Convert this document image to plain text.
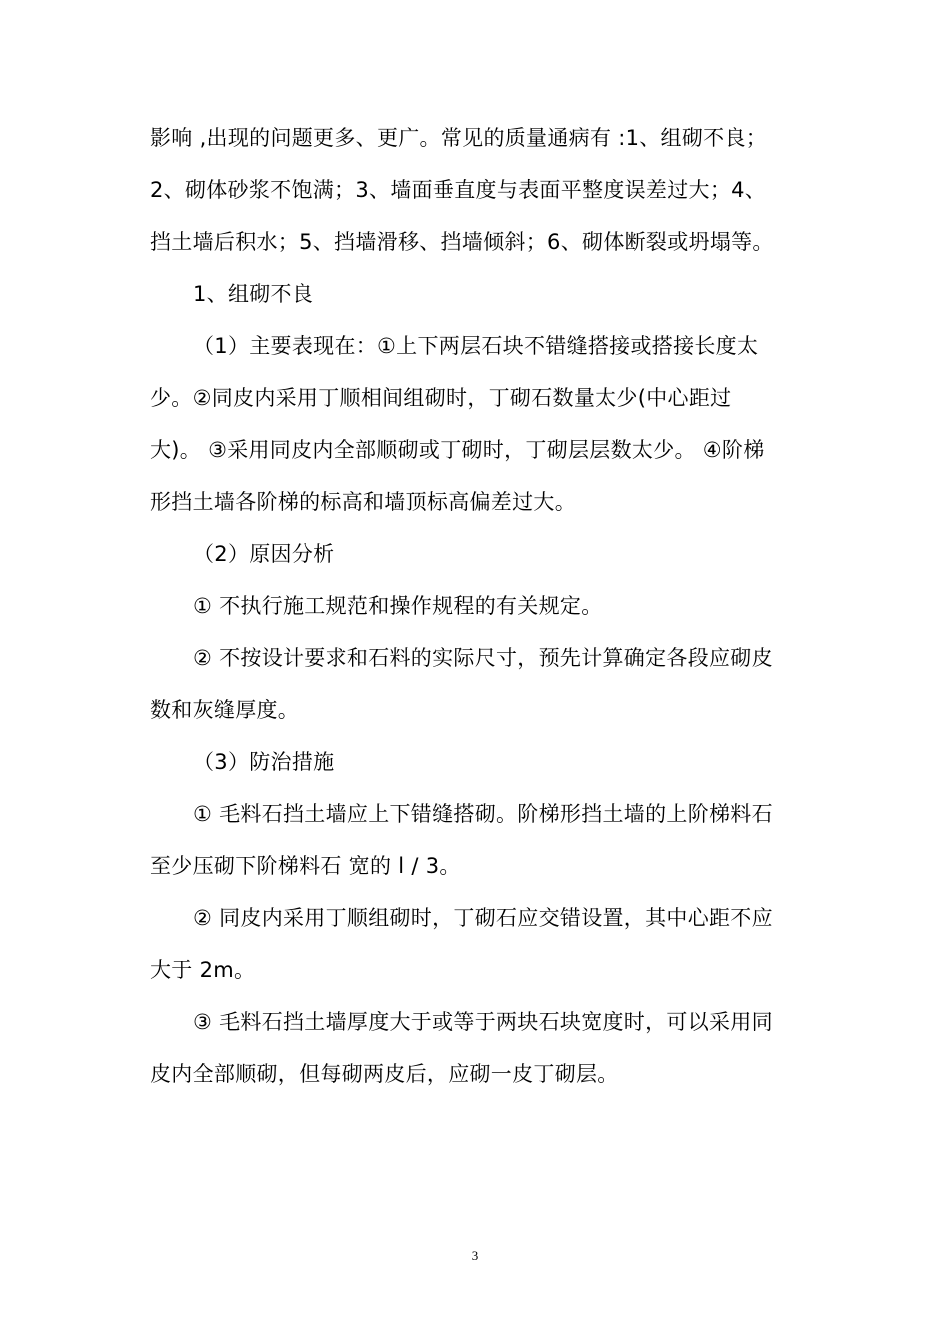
影响 ,出现的问题更多、更广。常见的质量通病有 :1、组砌不良；
2、砌体砂浆不饱满；3、墙面垂直度与表面平整度误差过大；4、
挡土墙后积水；5、挡墙滑移、挡墙倾斜；6、砌体断裂或坍塌等。
1、组砌不良
（1）主要表现在：①上下两层石块不错缝搭接或搭接长度太
少。②同皮内采用丁顺相间组砌时，丁砌石数量太少(中心距过
大)。 ③采用同皮内全部顺砌或丁砌时，丁砌层层数太少。 ④阶梯
形挡土墙各阶梯的标高和墙顶标高偏差过大。
（2）原因分析
① 不执行施工规范和操作规程的有关规定。
② 不按设计要求和石料的实际尺寸，预先计算确定各段应砌皮
数和灰缝厚度。
（3）防治措施
① 毛料石挡土墙应上下错缝搭砌。阶梯形挡土墙的上阶梯料石
至少压砌下阶梯料石 宽的 l / 3。
② 同皮内采用丁顺组砌时，丁砌石应交错设置，其中心距不应
大于 2m。
③ 毛料石挡土墙厚度大于或等于两块石块宽度时，可以采用同
皮内全部顺砌，但每砌两皮后，应砌一皮丁砌层。
3
